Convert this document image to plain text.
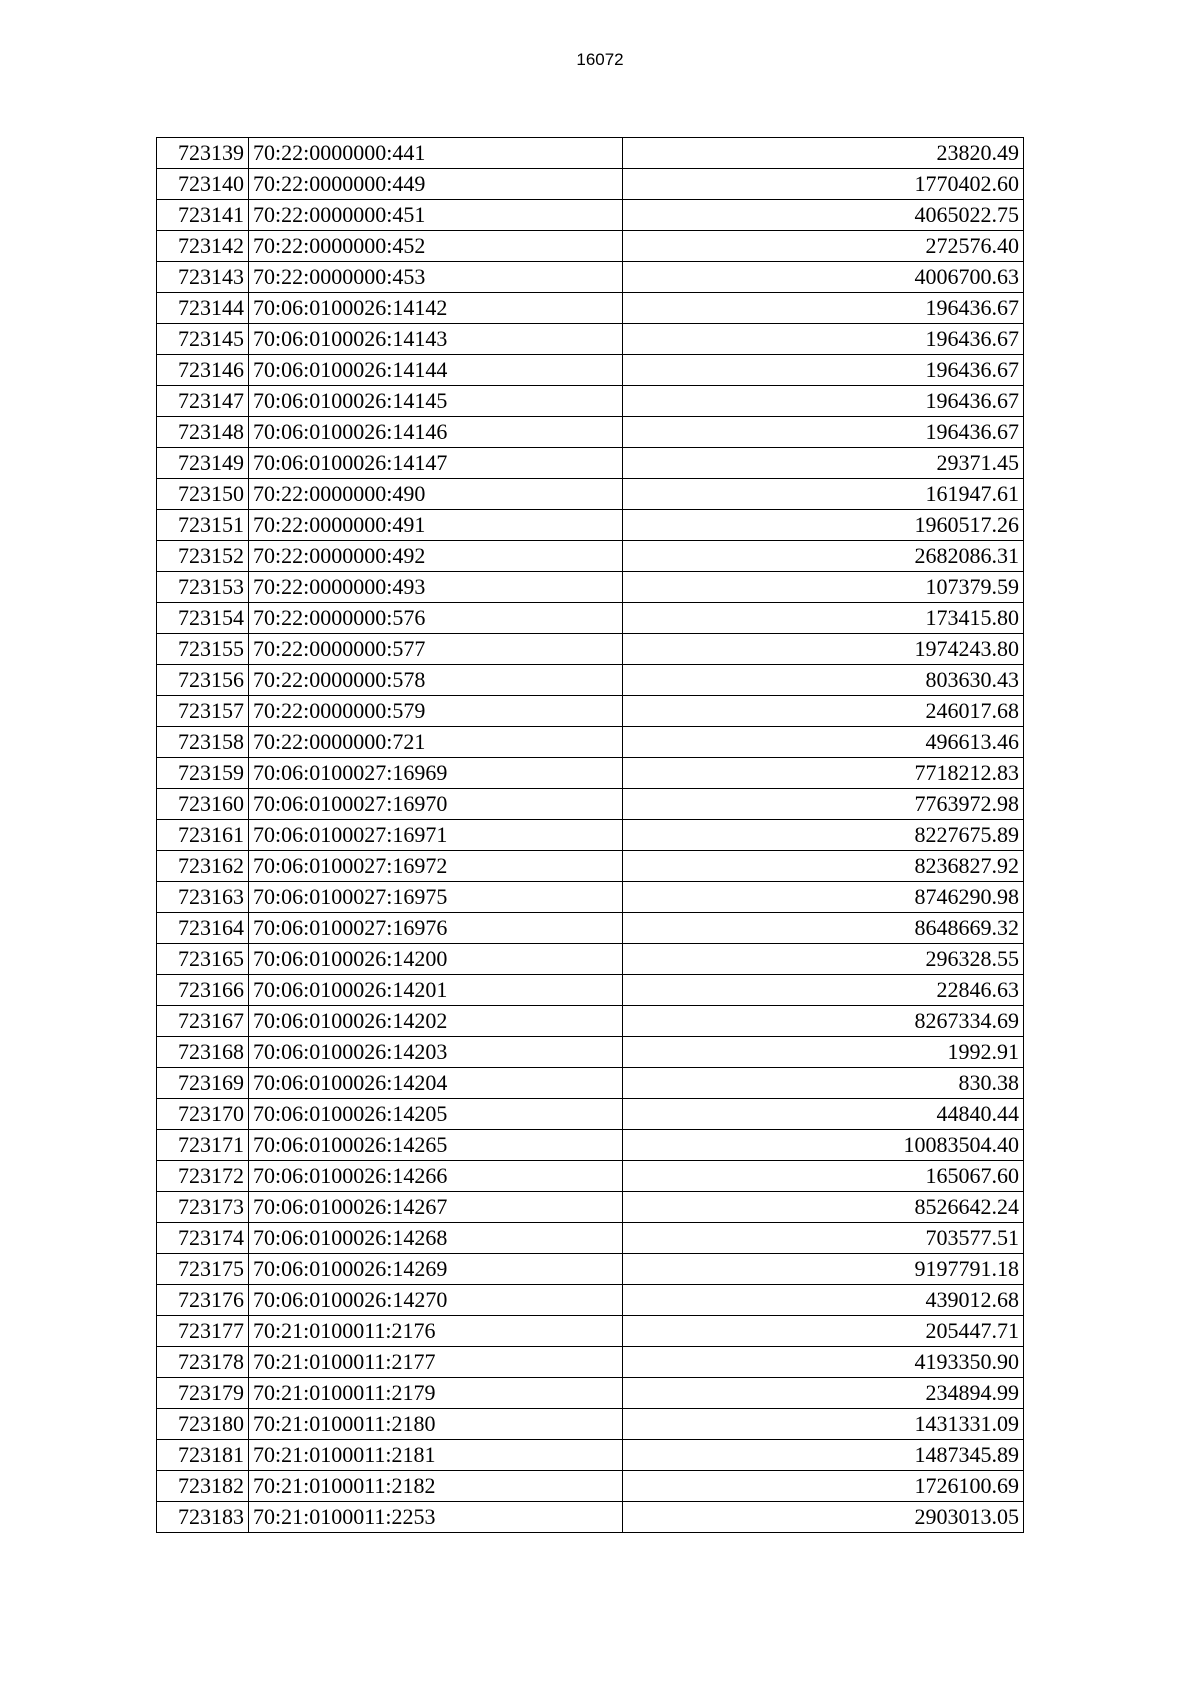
16072
723139	70:22:0000000:441	23820.49
723140	70:22:0000000:449	1770402.60
723141	70:22:0000000:451	4065022.75
723142	70:22:0000000:452	272576.40
723143	70:22:0000000:453	4006700.63
723144	70:06:0100026:14142	196436.67
723145	70:06:0100026:14143	196436.67
723146	70:06:0100026:14144	196436.67
723147	70:06:0100026:14145	196436.67
723148	70:06:0100026:14146	196436.67
723149	70:06:0100026:14147	29371.45
723150	70:22:0000000:490	161947.61
723151	70:22:0000000:491	1960517.26
723152	70:22:0000000:492	2682086.31
723153	70:22:0000000:493	107379.59
723154	70:22:0000000:576	173415.80
723155	70:22:0000000:577	1974243.80
723156	70:22:0000000:578	803630.43
723157	70:22:0000000:579	246017.68
723158	70:22:0000000:721	496613.46
723159	70:06:0100027:16969	7718212.83
723160	70:06:0100027:16970	7763972.98
723161	70:06:0100027:16971	8227675.89
723162	70:06:0100027:16972	8236827.92
723163	70:06:0100027:16975	8746290.98
723164	70:06:0100027:16976	8648669.32
723165	70:06:0100026:14200	296328.55
723166	70:06:0100026:14201	22846.63
723167	70:06:0100026:14202	8267334.69
723168	70:06:0100026:14203	1992.91
723169	70:06:0100026:14204	830.38
723170	70:06:0100026:14205	44840.44
723171	70:06:0100026:14265	10083504.40
723172	70:06:0100026:14266	165067.60
723173	70:06:0100026:14267	8526642.24
723174	70:06:0100026:14268	703577.51
723175	70:06:0100026:14269	9197791.18
723176	70:06:0100026:14270	439012.68
723177	70:21:0100011:2176	205447.71
723178	70:21:0100011:2177	4193350.90
723179	70:21:0100011:2179	234894.99
723180	70:21:0100011:2180	1431331.09
723181	70:21:0100011:2181	1487345.89
723182	70:21:0100011:2182	1726100.69
723183	70:21:0100011:2253	2903013.05
